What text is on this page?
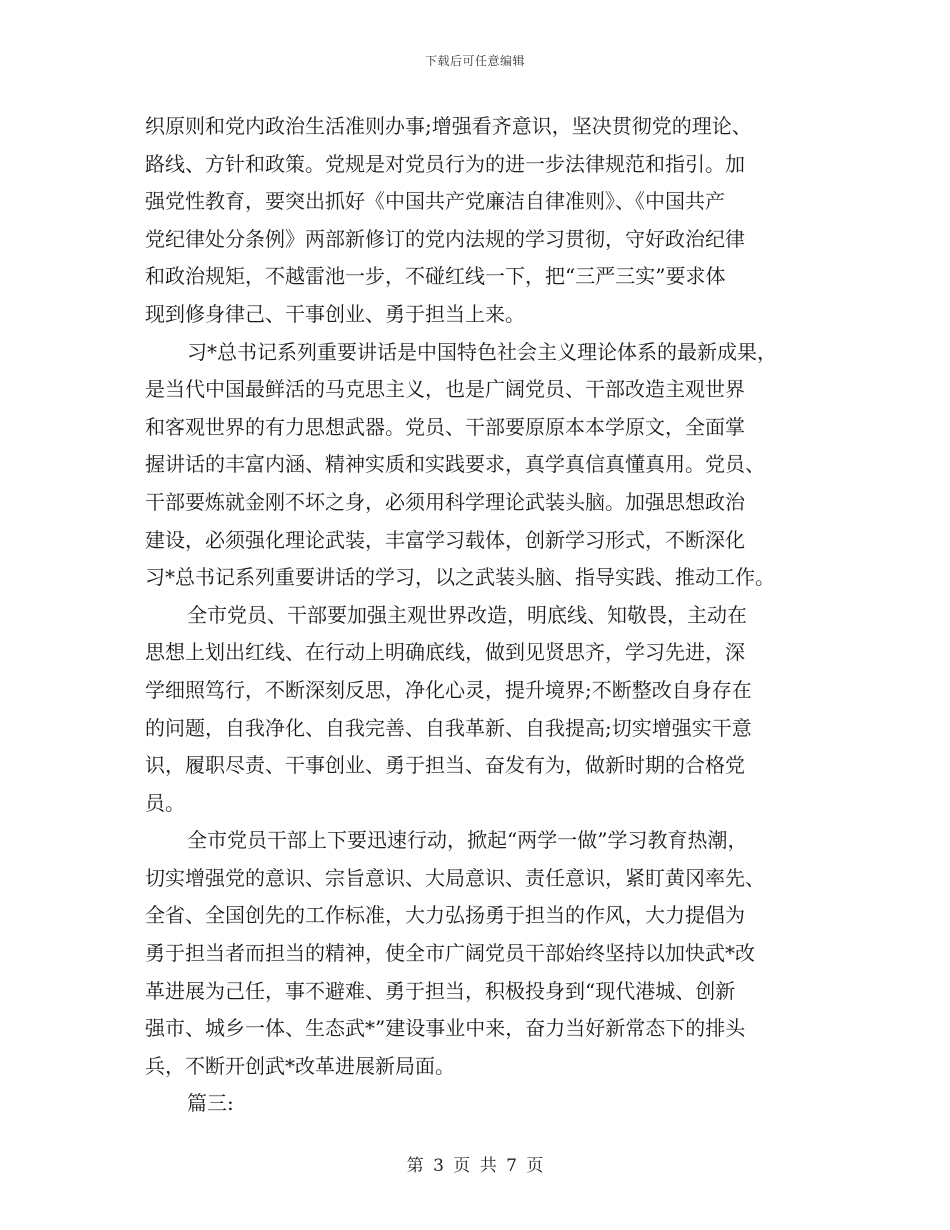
下载后可任意编辑
织原则和党内政治生活准则办事;增强看齐意识，坚决贯彻党的理论、
路线、方针和政策。党规是对党员行为的进一步法律规范和指引。加
强党性教育，要突出抓好《中国共产党廉洁自律准则》、《中国共产
党纪律处分条例》两部新修订的党内法规的学习贯彻，守好政治纪律
和政治规矩，不越雷池一步，不碰红线一下，把“三严三实”要求体
现到修身律己、干事创业、勇于担当上来。
习*总书记系列重要讲话是中国特色社会主义理论体系的最新成果，
是当代中国最鲜活的马克思主义，也是广阔党员、干部改造主观世界
和客观世界的有力思想武器。党员、干部要原原本本学原文，全面掌
握讲话的丰富内涵、精神实质和实践要求，真学真信真懂真用。党员、
干部要炼就金刚不坏之身，必须用科学理论武装头脑。加强思想政治
建设，必须强化理论武装，丰富学习载体，创新学习形式，不断深化
习*总书记系列重要讲话的学习，以之武装头脑、指导实践、推动工作。
全市党员、干部要加强主观世界改造，明底线、知敬畏，主动在
思想上划出红线、在行动上明确底线，做到见贤思齐，学习先进，深
学细照笃行，不断深刻反思，净化心灵，提升境界;不断整改自身存在
的问题，自我净化、自我完善、自我革新、自我提高;切实增强实干意
识，履职尽责、干事创业、勇于担当、奋发有为，做新时期的合格党
员。
全市党员干部上下要迅速行动，掀起“两学一做”学习教育热潮，
切实增强党的意识、宗旨意识、大局意识、责任意识，紧盯黄冈率先、
全省、全国创先的工作标准，大力弘扬勇于担当的作风，大力提倡为
勇于担当者而担当的精神，使全市广阔党员干部始终坚持以加快武*改
革进展为己任，事不避难、勇于担当，积极投身到“现代港城、创新
强市、城乡一体、生态武*”建设事业中来，奋力当好新常态下的排头
兵，不断开创武*改革进展新局面。
篇三:
第 3 页 共 7 页
